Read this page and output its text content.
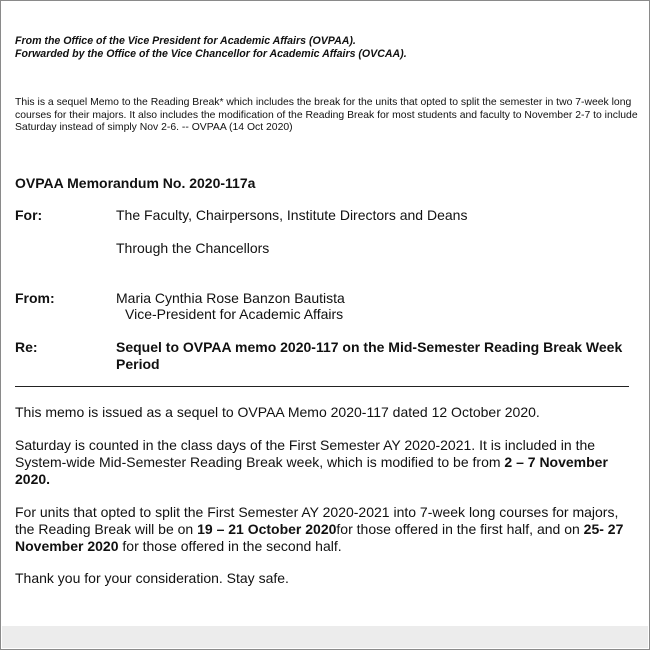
From the Office of the Vice President for Academic Affairs (OVPAA).
Forwarded by the Office of the Vice Chancellor for Academic Affairs (OVCAA).

This is a sequel Memo to the Reading Break* which includes the break for the units that opted to split the semester in two 7-week long courses for their majors. It also includes the modification of the Reading Break for most students and faculty to November 2-7 to include Saturday instead of simply Nov 2-6. -- OVPAA (14 Oct 2020)

OVPAA Memorandum No. 2020-117a
For:	The Faculty, Chairpersons, Institute Directors and Deans
Through the Chancellors
From:	Maria Cynthia Rose Banzon Bautista
Vice-President for Academic Affairs
Re:	Sequel to OVPAA memo 2020-117 on the Mid-Semester Reading Break Week Period

This memo is issued as a sequel to OVPAA Memo 2020-117 dated 12 October 2020.

Saturday is counted in the class days of the First Semester AY 2020-2021. It is included in the System-wide Mid-Semester Reading Break week, which is modified to be from 2 – 7 November 2020.

For units that opted to split the First Semester AY 2020-2021 into 7-week long courses for majors, the Reading Break will be on 19 – 21 October 2020for those offered in the first half, and on 25- 27 November 2020 for those offered in the second half.

Thank you for your consideration. Stay safe.
